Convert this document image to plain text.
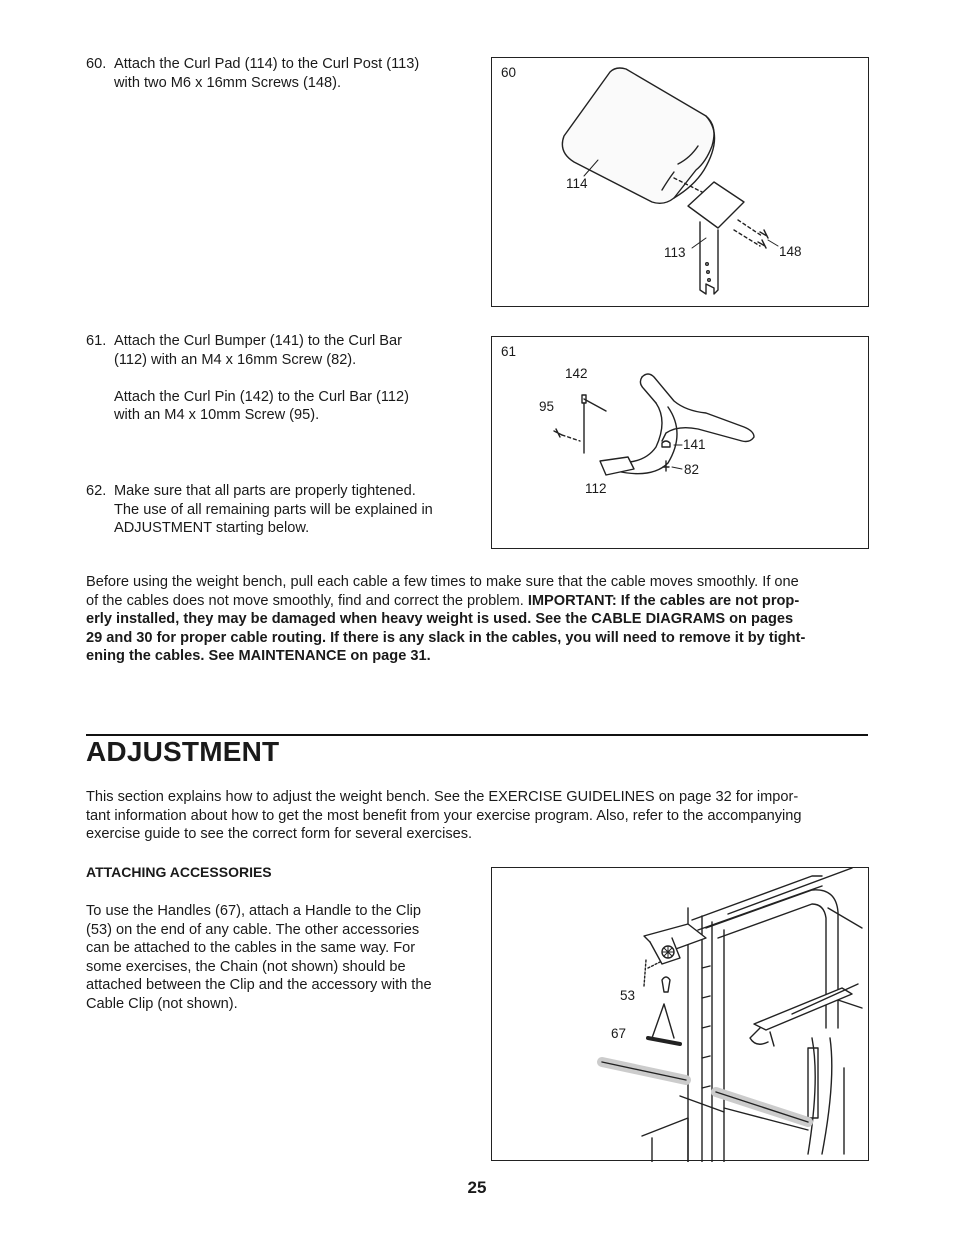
60. Attach the Curl Pad (114) to the Curl Post (113)

with two M6 x 16mm Screws (148).

60
114
113	148
61. Attach the Curl Bumper (141) to the Curl Bar

(112) with an M4 x 16mm Screw (82).

Attach the Curl Pin (142) to the Curl Bar (112)

with an M4 x 10mm Screw (95).

61
142
95
141
82
112
62. Make sure that all parts are properly tightened.

The use of all remaining parts will be explained in

ADJUSTMENT starting below.

Before using the weight bench, pull each cable a few times to make sure that the cable moves smoothly. If one

of the cables does not move smoothly, find and correct the problem. IMPORTANT: If the cables are not prop-

erly installed, they may be damaged when heavy weight is used. See the CABLE DIAGRAMS on pages

29 and 30 for proper cable routing. If there is any slack in the cables, you will need to remove it by tight-

ening the cables. See MAINTENANCE on page 31.

ADJUSTMENT

This section explains how to adjust the weight bench. See the EXERCISE GUIDELINES on page 32 for impor-

tant information about how to get the most benefit from your exercise program. Also, refer to the accompanying

exercise guide to see the correct form for several exercises.

ATTACHING ACCESSORIES

To use the Handles (67), attach a Handle to the Clip

(53) on the end of any cable. The other accessories

can be attached to the cables in the same way. For

some exercises, the Chain (not shown) should be

attached between the Clip and the accessory with the

Cable Clip (not shown).	53
67
25
